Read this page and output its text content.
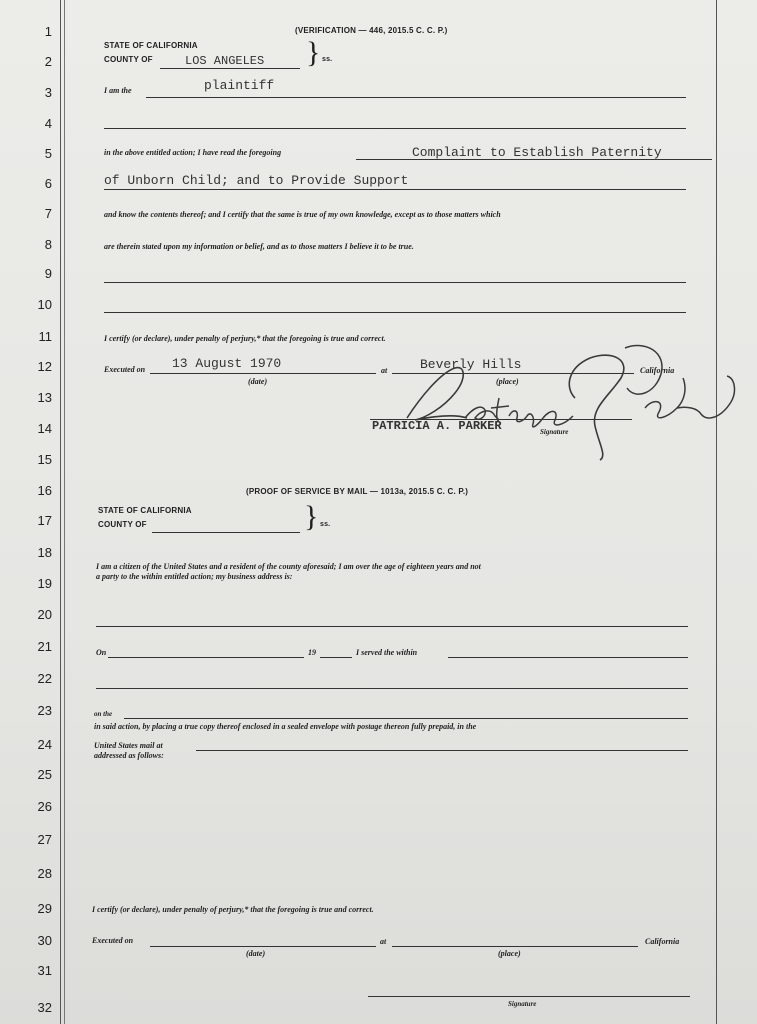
1
2
3
4
5
6
7
8
9
10
11
12
13
14
15
16
17
18
19
20
21
22
23
24
25
26
27
28
29
30
31
32
(VERIFICATION — 446, 2015.5 C. C. P.)
STATE OF CALIFORNIA
COUNTY OF	LOS ANGELES } ss.
I am the	plaintiff
in the above entitled action; I have read the foregoing	Complaint to Establish Paternity
of Unborn Child; and to Provide Support
and know the contents thereof; and I certify that the same is true of my own knowledge, except as to those matters which
are therein stated upon my information or belief, and as to those matters I believe it to be true.
I certify (or declare), under penalty of perjury,* that the foregoing is true and correct.
Executed on 13 August 1970	at	Beverly Hills	California
(date)	(place)
PATRICIA A. PARKER	Signature
(PROOF OF SERVICE BY MAIL — 1013a, 2015.5 C. C. P.)
STATE OF CALIFORNIA
COUNTY OF	} ss.
I am a citizen of the United States and a resident of the county aforesaid; I am over the age of eighteen years and not
a party to the within entitled action; my business address is:
On	19	I served the within
on the
in said action, by placing a true copy thereof enclosed in a sealed envelope with postage thereon fully prepaid, in the
United States mail at
addressed as follows:
I certify (or declare), under penalty of perjury,* that the foregoing is true and correct.
Executed on	at	California
(date)	(place)
Signature
